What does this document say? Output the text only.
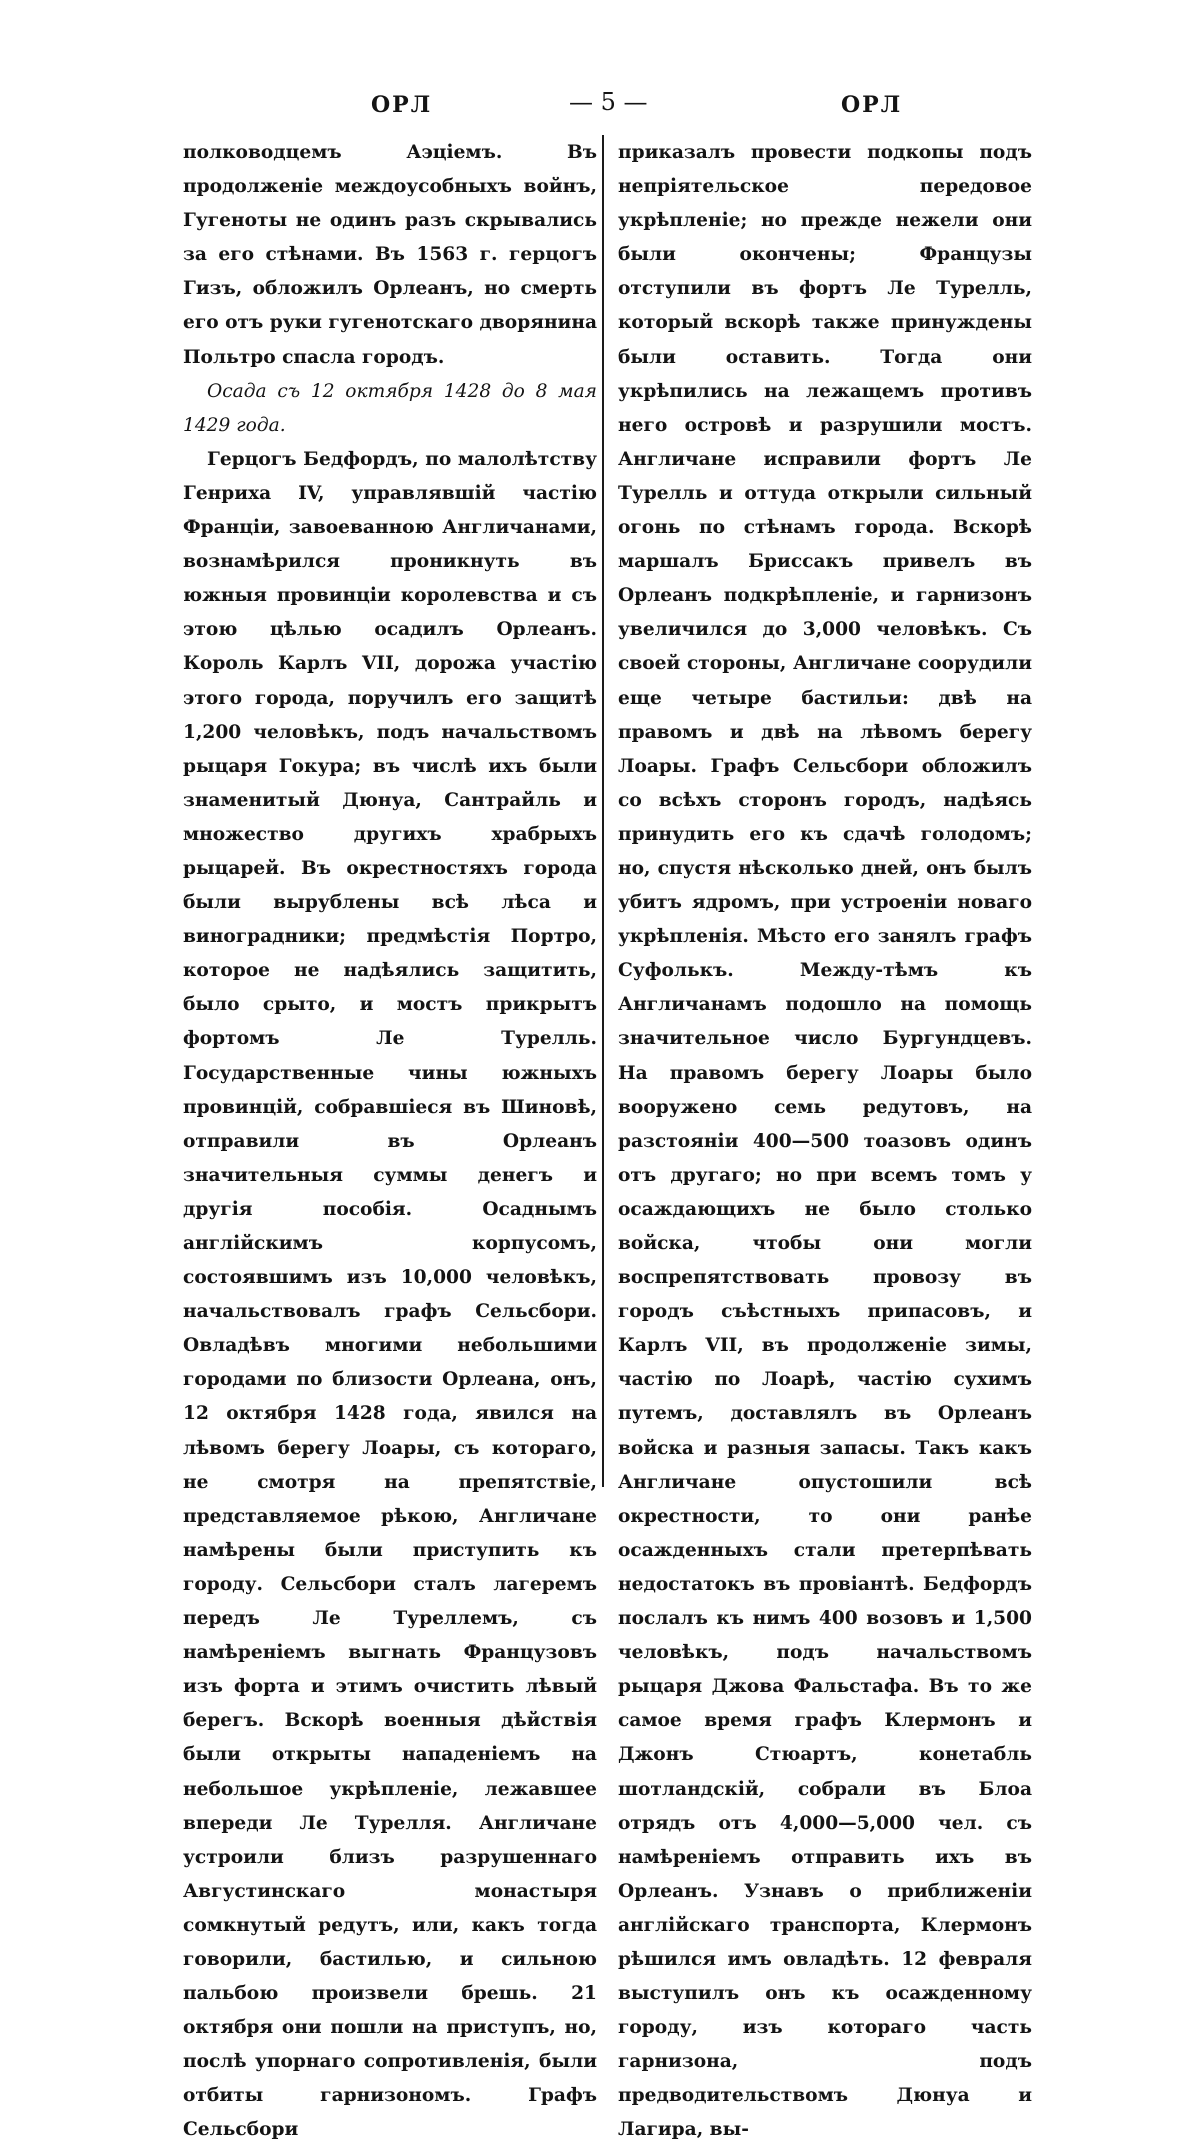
ОРЛ	— 5 —	ОРЛ

полководцемъ Аэціемъ. Въ продолженіе междоусобныхъ войнъ, Гугеноты не одинъ разъ скрывались за его стѣнами. Въ 1563 г. герцогъ Гизъ, обложилъ Орлеанъ, но смерть его отъ руки гугенотскаго дворянина Польтро спасла городъ.

Осада съ 12 октября 1428 до 8 мая 1429 года.

Герцогъ Бедфордъ, по малолѣтству Генриха IV, управлявшій частію Франціи, завоеванною Англичанами, вознамѣрился проникнуть въ южныя провинціи королевства и съ этою цѣлью осадилъ Орлеанъ. Король Карлъ VII, дорожа участію этого города, поручилъ его защитѣ 1,200 человѣкъ, подъ начальствомъ рыцаря Гокура; въ числѣ ихъ были знаменитый Дюнуа, Сантрайль и множество другихъ храбрыхъ рыцарей. Въ окрестностяхъ города были вырублены всѣ лѣса и виноградники; предмѣстія Портро, которое не надѣялись защитить, было срыто, и мостъ прикрытъ фортомъ Ле Турелль. Государственные чины южныхъ провинцій, собравшіеся въ Шиновѣ, отправили въ Орлеанъ значительныя суммы денегъ и другія пособія. Осаднымъ англійскимъ корпусомъ, состоявшимъ изъ 10,000 человѣкъ, начальствовалъ графъ Сельсбори. Овладѣвъ многими небольшими городами по близости Орлеана, онъ, 12 октября 1428 года, явился на лѣвомъ берегу Лоары, съ котораго, не смотря на препятствіе, представляемое рѣкою, Англичане намѣрены были приступить къ городу. Сельсбори сталъ лагеремъ передъ Ле Туреллемъ, съ намѣреніемъ выгнать Французовъ изъ форта и этимъ очистить лѣвый берегъ. Вскорѣ военныя дѣйствія были открыты нападеніемъ на небольшое укрѣпленіе, лежавшее впереди Ле Турелля. Англичане устроили близъ разрушеннаго Августинскаго монастыря сомкнутый редутъ, или, какъ тогда говорили, бастилью, и сильною пальбою произвели брешь. 21 октября они пошли на приступъ, но, послѣ упорнаго сопротивленія, были отбиты гарнизономъ. Графъ Сельсбори

приказалъ провести подкопы подъ непріятельское передовое укрѣпленіе; но прежде нежели они были окончены; Французы отступили въ фортъ Ле Турелль, который вскорѣ также принуждены были оставить. Тогда они укрѣпились на лежащемъ противъ него островѣ и разрушили мостъ. Англичане исправили фортъ Ле Турелль и оттуда открыли сильный огонь по стѣнамъ города. Вскорѣ маршалъ Бриссакъ привелъ въ Орлеанъ подкрѣпленіе, и гарнизонъ увеличился до 3,000 человѣкъ. Съ своей стороны, Англичане соорудили еще четыре бастильи: двѣ на правомъ и двѣ на лѣвомъ берегу Лоары. Графъ Сельсбори обложилъ со всѣхъ сторонъ городъ, надѣясь принудить его къ сдачѣ голодомъ; но, спустя нѣсколько дней, онъ былъ убитъ ядромъ, при устроеніи новаго укрѣпленія. Мѣсто его занялъ графъ Суфолькъ. Между-тѣмъ къ Англичанамъ подошло на помощь значительное число Бургундцевъ. На правомъ берегу Лоары было вооружено семь редутовъ, на разстояніи 400—500 тоазовъ одинъ отъ другаго; но при всемъ томъ у осаждающихъ не было столько войска, чтобы они могли воспрепятствовать провозу въ городъ съѣстныхъ припасовъ, и Карлъ VII, въ продолженіе зимы, частію по Лоарѣ, частію сухимъ путемъ, доставлялъ въ Орлеанъ войска и разныя запасы. Такъ какъ Англичане опустошили всѣ окрестности, то они ранѣе осажденныхъ стали претерпѣвать недостатокъ въ провіантѣ. Бедфордъ послалъ къ нимъ 400 возовъ и 1,500 человѣкъ, подъ начальствомъ рыцаря Джова Фальстафа. Въ то же самое время графъ Клермонъ и Джонъ Стюартъ, конетабль шотландскій, собрали въ Блоа отрядъ отъ 4,000—5,000 чел. съ намѣреніемъ отправить ихъ въ Орлеанъ. Узнавъ о приближеніи англійскаго транспорта, Клермонъ рѣшился имъ овладѣть. 12 февраля выступилъ онъ къ осажденному городу, изъ котораго часть гарнизона, подъ предводительствомъ Дюнуа и Лагира, вы-
